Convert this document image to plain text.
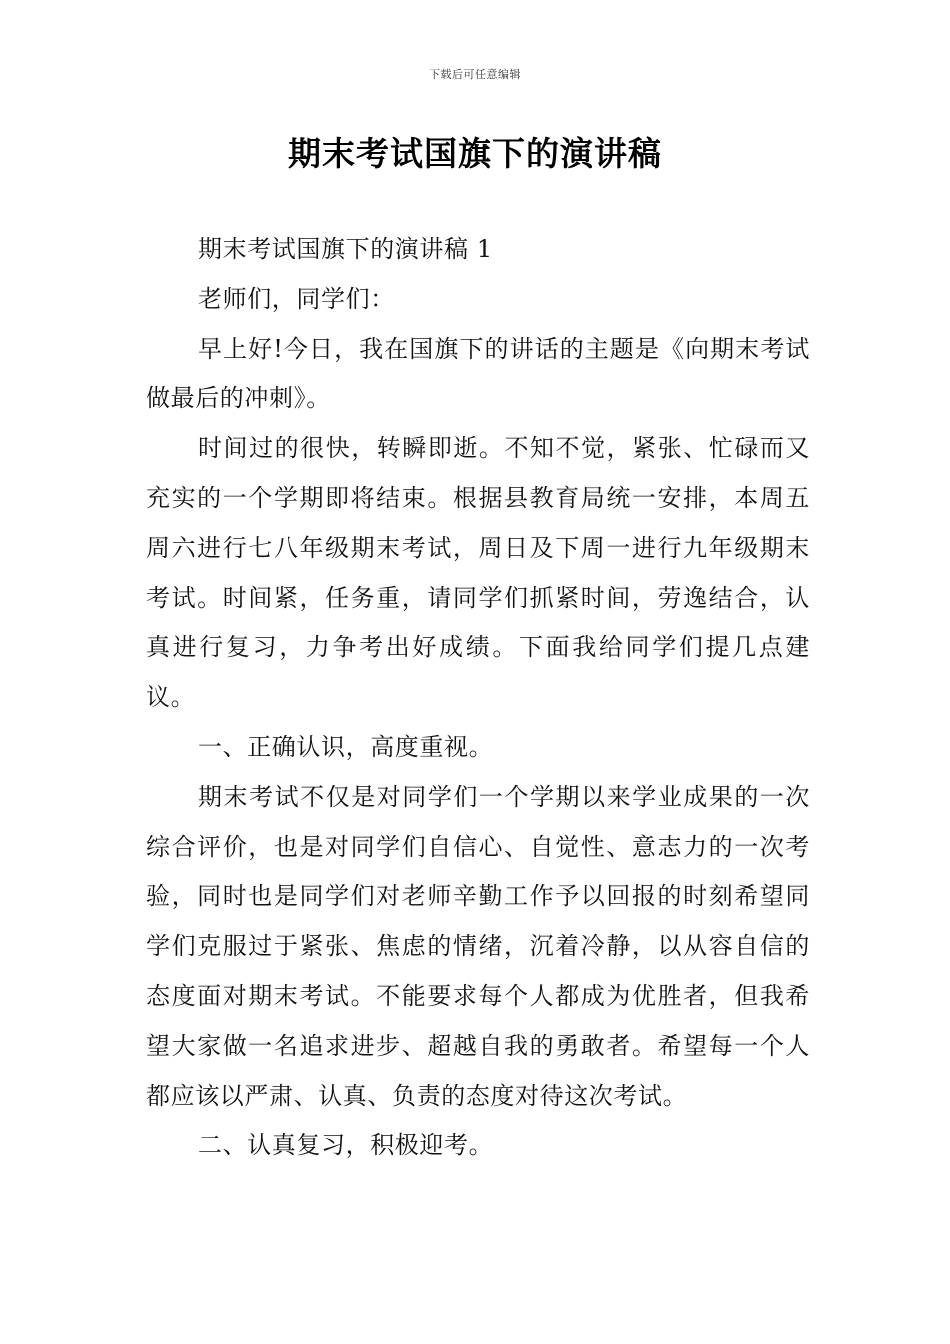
下载后可任意编辑
期末考试国旗下的演讲稿

期末考试国旗下的演讲稿 1

老师们，同学们：

早上好!今日，我在国旗下的讲话的主题是《向期末考试做最后的冲刺》。

时间过的很快，转瞬即逝。不知不觉，紧张、忙碌而又充实的一个学期即将结束。根据县教育局统一安排，本周五周六进行七八年级期末考试，周日及下周一进行九年级期末考试。时间紧，任务重，请同学们抓紧时间，劳逸结合，认真进行复习，力争考出好成绩。下面我给同学们提几点建议。

一、正确认识，高度重视。

期末考试不仅是对同学们一个学期以来学业成果的一次综合评价，也是对同学们自信心、自觉性、意志力的一次考验，同时也是同学们对老师辛勤工作予以回报的时刻希望同学们克服过于紧张、焦虑的情绪，沉着冷静，以从容自信的态度面对期末考试。不能要求每个人都成为优胜者，但我希望大家做一名追求进步、超越自我的勇敢者。希望每一个人都应该以严肃、认真、负责的态度对待这次考试。

二、认真复习，积极迎考。
